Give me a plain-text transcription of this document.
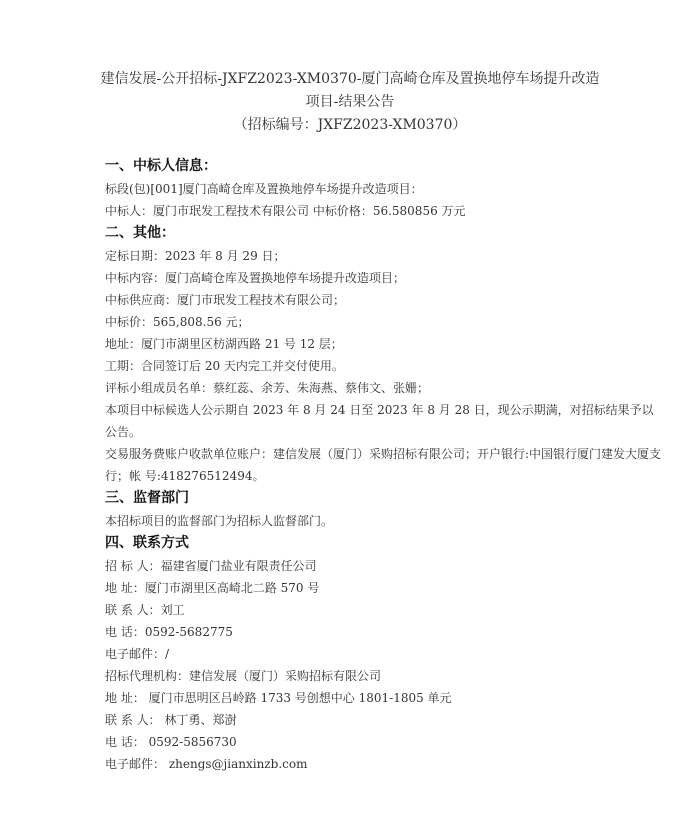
建信发展-公开招标-JXFZ2023-XM0370-厦门高崎仓库及置换地停车场提升改造
项目-结果公告
（招标编号：JXFZ2023-XM0370）
一、中标人信息：
标段(包)[001]厦门高崎仓库及置换地停车场提升改造项目：
中标人：厦门市珉发工程技术有限公司 中标价格：56.580856 万元
二、其他：
定标日期：2023 年 8 月 29 日；
中标内容：厦门高崎仓库及置换地停车场提升改造项目；
中标供应商：厦门市珉发工程技术有限公司；
中标价：565,808.56 元；
地址：厦门市湖里区枋湖西路 21 号 12 层；
工期：合同签订后 20 天内完工并交付使用。
评标小组成员名单：蔡红蕊、余芳、朱海燕、蔡伟文、张姗；
本项目中标候选人公示期自 2023 年 8 月 24 日至 2023 年 8 月 28 日，现公示期满，对招标结果予以公告。
交易服务费账户收款单位账户：建信发展（厦门）采购招标有限公司；开户银行:中国银行厦门建发大厦支行；帐 号:418276512494。
三、监督部门
本招标项目的监督部门为招标人监督部门。
四、联系方式
招 标 人：福建省厦门盐业有限责任公司
地 址：厦门市湖里区高崎北二路 570 号
联 系 人：刘工
电 话：0592-5682775
电子邮件：/
招标代理机构：建信发展（厦门）采购招标有限公司
地 址： 厦门市思明区吕岭路 1733 号创想中心 1801-1805 单元
联 系 人： 林丁勇、郑澍
电 话： 0592-5856730
电子邮件： zhengs@jianxinzb.com
